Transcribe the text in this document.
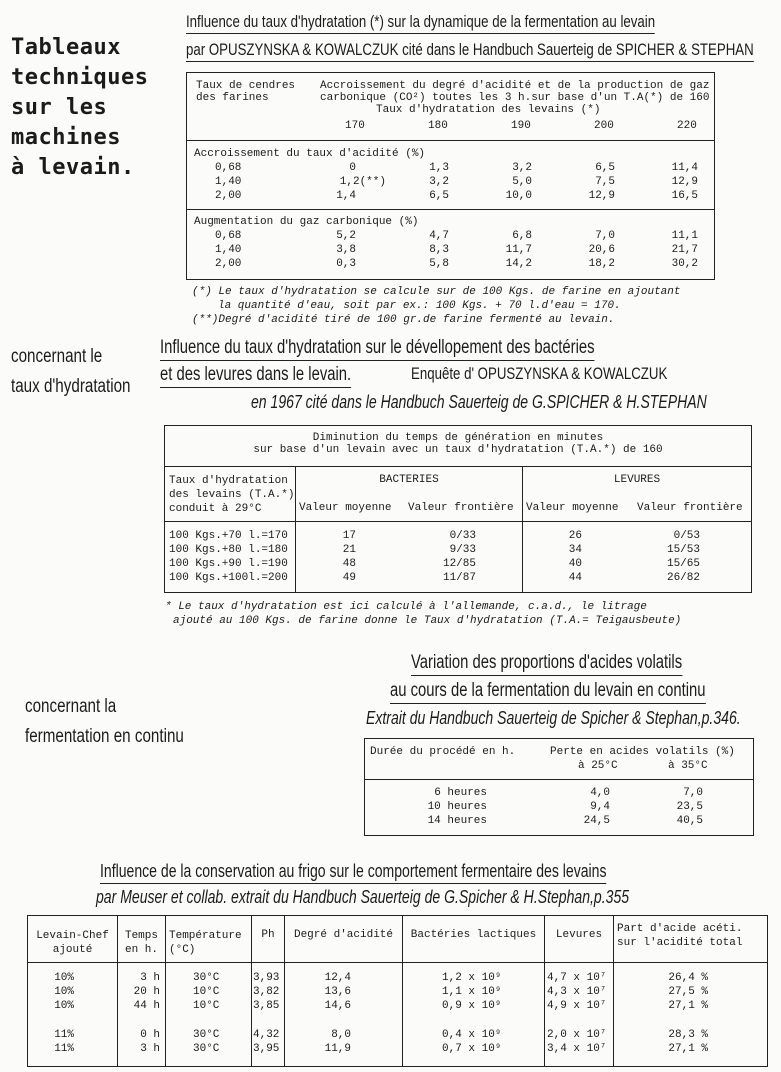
Tableaux
techniques
sur les
machines
à levain.
Influence du taux d'hydratation (*) sur la dynamique de la fermentation au levain
par OPUSZYNSKA & KOWALCZUK cité dans le Handbuch Sauerteig de SPICHER & STEPHAN
Taux de cendres
des farines
Accroissement du degré d'acidité et de la production de gaz
carbonique (CO²) toutes les 3 h.sur base d'un T.A(*) de 160
Taux d'hydratation des levains (*)
170	180	190	200	220
Accroissement du taux d'acidité (%)
0,68	0	1,3	3,2	6,5	11,4
1,40	1,2(**)	3,2	5,0	7,5	12,9
2,00	1,4	6,5	10,0	12,9	16,5
Augmentation du gaz carbonique (%)
0,68	5,2	4,7	6,8	7,0	11,1
1,40	3,8	8,3	11,7	20,6	21,7
2,00	0,3	5,8	14,2	18,2	30,2
(*) Le taux d'hydratation se calcule sur de 100 Kgs. de farine en ajoutant
la quantité d'eau, soit par ex.: 100 Kgs. + 70 l.d'eau = 170.
(**)Degré d'acidité tiré de 100 gr.de farine fermenté au levain.
concernant le
taux d'hydratation
Influence du taux d'hydratation sur le dévellopement des bactéries
et des levures dans le levain.	Enquête d' OPUSZYNSKA & KOWALCZUK
en 1967 cité dans le Handbuch Sauerteig de G.SPICHER & H.STEPHAN
Diminution du temps de génération en minutes
sur base d'un levain avec un taux d'hydratation (T.A.*) de 160
Taux d'hydratation
des levains (T.A.*)
conduit à 29°C
BACTERIES	LEVURES
Valeur moyenne Valeur frontière Valeur moyenne Valeur frontière
100 Kgs.+70 l.=170	17	0/33	26	0/53
100 Kgs.+80 l.=180	21	9/33	34	15/53
100 Kgs.+90 l.=190	48	12/85	40	15/65
100 Kgs.+100l.=200	49	11/87	44	26/82
* Le taux d'hydratation est ici calculé à l'allemande, c.a.d., le litrage
ajouté au 100 Kgs. de farine donne le Taux d'hydratation (T.A.= Teigausbeute)
concernant la
fermentation en continu
Variation des proportions d'acides volatils
au cours de la fermentation du levain en continu
Extrait du Handbuch Sauerteig de Spicher & Stephan,p.346.
Durée du procédé en h.	Perte en acides volatils (%)
à 25°C	à 35°C
6 heures	4,0	7,0
10 heures	9,4	23,5
14 heures	24,5	40,5
Influence de la conservation au frigo sur le comportement fermentaire des levains
par Meuser et collab. extrait du Handbuch Sauerteig de G.Spicher & H.Stephan,p.355
Levain-Chef
ajouté
Temps
en h.
Température
(°C)
Ph	Degré d'acidité	Bactéries lactiques	Levures	Part d'acide acéti.
sur l'acidité total
10%	3 h	30°C	3,93	12,4	1,2 x 10⁹	4,7 x 10⁷	26,4 %
10%	20 h	10°C	3,82	13,6	1,1 x 10⁹	4,3 x 10⁷	27,5 %
10%	44 h	10°C	3,85	14,6	0,9 x 10⁹	4,9 x 10⁷	27,1 %
11%	0 h	30°C	4,32	8,0	0,4 x 10⁹	2,0 x 10⁷	28,3 %
11%	3 h	30°C	3,95	11,9	0,7 x 10⁹	3,4 x 10⁷	27,1 %
